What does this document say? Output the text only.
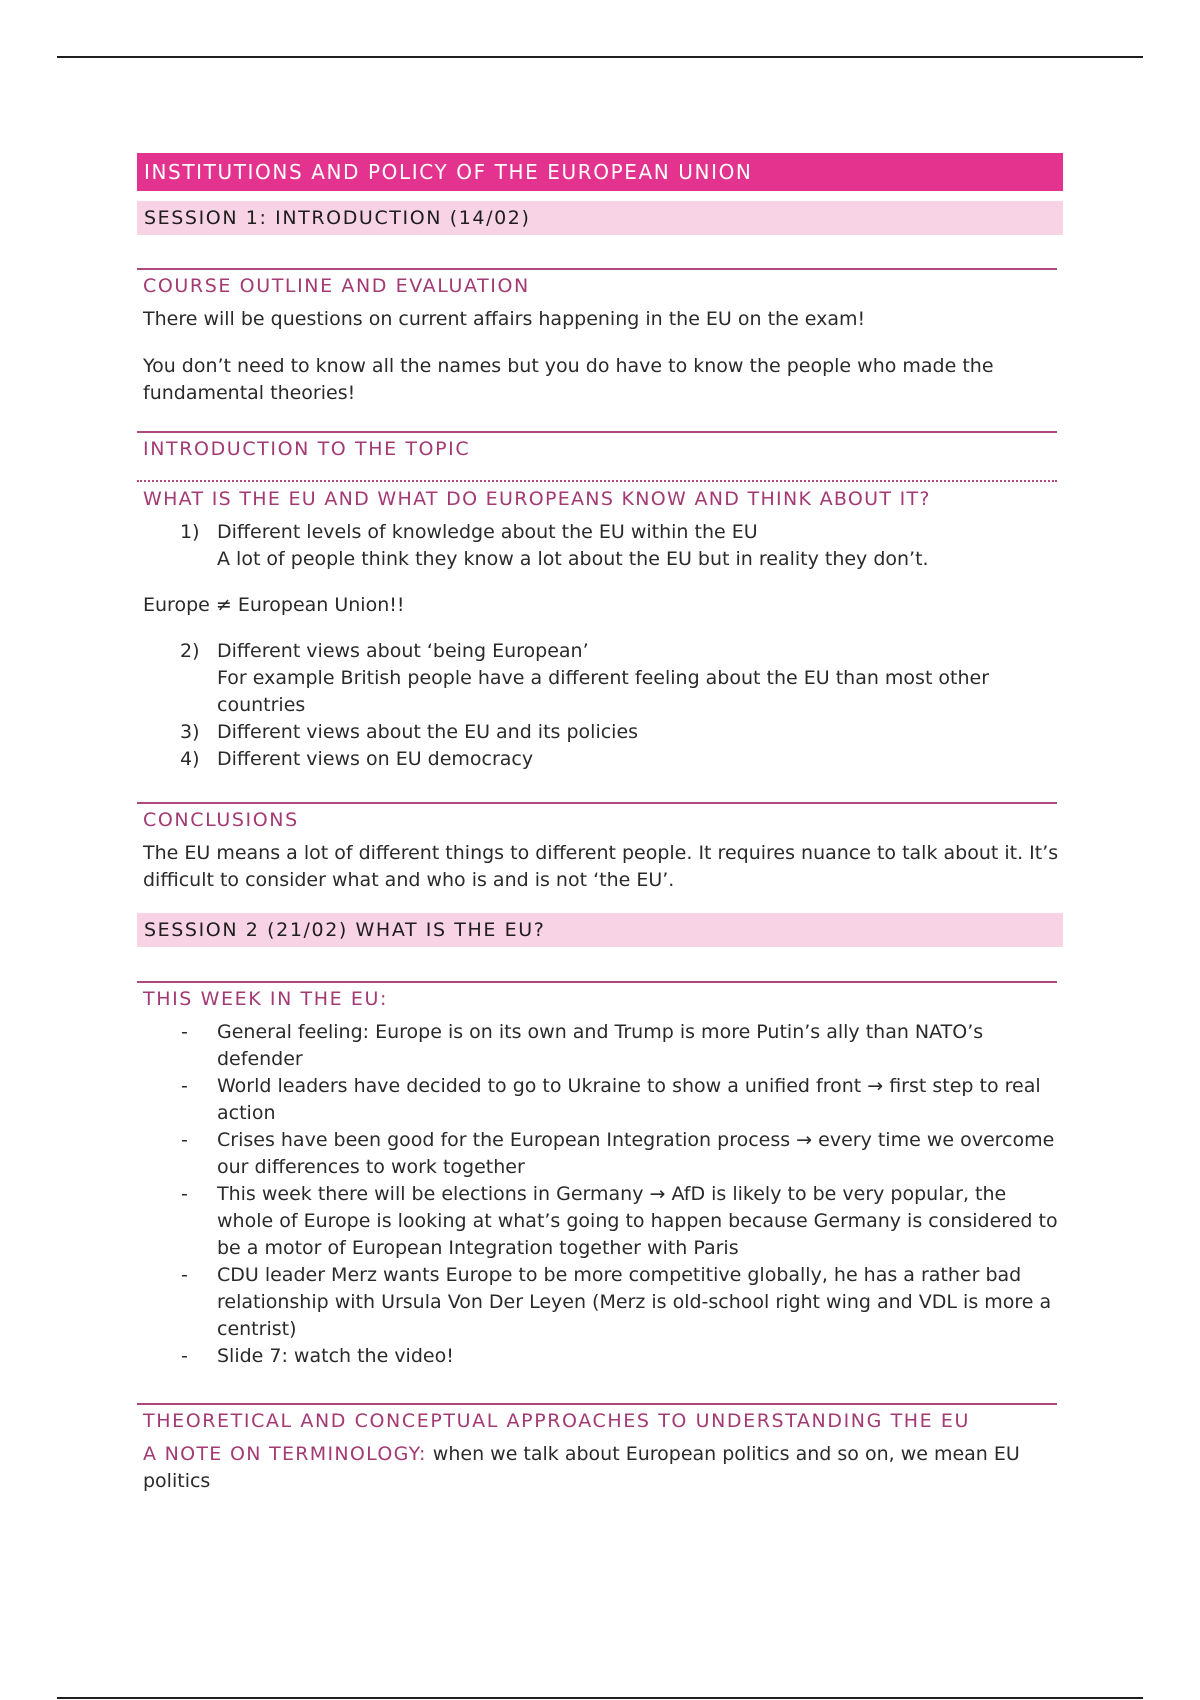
INSTITUTIONS AND POLICY OF THE EUROPEAN UNION
SESSION 1: INTRODUCTION (14/02)
COURSE OUTLINE AND EVALUATION

There will be questions on current affairs happening in the EU on the exam!

You don’t need to know all the names but you do have to know the people who made the fundamental theories!

INTRODUCTION TO THE TOPIC
WHAT IS THE EU AND WHAT DO EUROPEANS KNOW AND THINK ABOUT IT?
1) Different levels of knowledge about the EU within the EU
A lot of people think they know a lot about the EU but in reality they don’t.

Europe ≠ European Union!!

2) Different views about ‘being European’
For example British people have a different feeling about the EU than most other countries
3) Different views about the EU and its policies
4) Different views on EU democracy
CONCLUSIONS

The EU means a lot of different things to different people. It requires nuance to talk about it. It’s difficult to consider what and who is and is not ‘the EU’.

SESSION 2 (21/02) WHAT IS THE EU?
THIS WEEK IN THE EU:
- General feeling: Europe is on its own and Trump is more Putin’s ally than NATO’s defender
- World leaders have decided to go to Ukraine to show a unified front → first step to real action
- Crises have been good for the European Integration process → every time we overcome our differences to work together
- This week there will be elections in Germany → AfD is likely to be very popular, the whole of Europe is looking at what’s going to happen because Germany is considered to be a motor of European Integration together with Paris
- CDU leader Merz wants Europe to be more competitive globally, he has a rather bad relationship with Ursula Von Der Leyen (Merz is old-school right wing and VDL is more a centrist)
- Slide 7: watch the video!
THEORETICAL AND CONCEPTUAL APPROACHES TO UNDERSTANDING THE EU

A NOTE ON TERMINOLOGY: when we talk about European politics and so on, we mean EU politics
